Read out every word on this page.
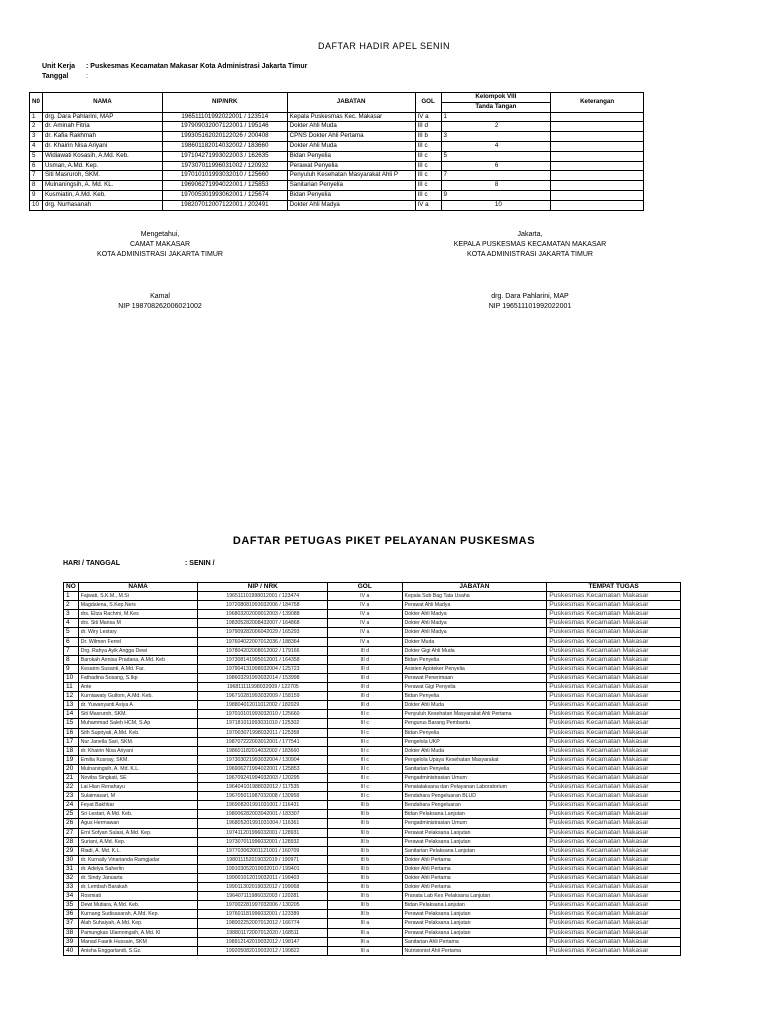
DAFTAR HADIR APEL SENIN
Unit Kerja : Puskesmas Kecamatan Makasar Kota Administrasi Jakarta Timur
Tanggal	:
N0	NAMA	NIP/NRK	JABATAN	GOL	Kelompok VIII		Keterangan
					Tanda Tangan		
1	drg. Dara Pahlarini, MAP	196511101992022001 / 123514	Kepala Puskesmas Kec. Makasar	IV a	1		
2	dr. Aminah Fitria	197909032007122001 / 195146	Dokter Ahli Muda	III d		2	
3	dr. Kafia Rakhmah	199305162020122026 / 200408	CPNS Dokter Ahli Pertama	III b	3		
4	dr. Khairin Nisa Ariyani	198601182014032002 / 183660	Dokter Ahli Muda	III c		4	
5	Widiawati Kosasih, A.Md. Keb.	197104271993022003 / 162635	Bidan Penyelia	III c	5		
6	Usman, A.Md. Kep.	197307011996031002 / 120932	Perawat Penyelia	III c		6	
7	Siti Masruroh, SKM.	197010101993032010 / 125660	Penyuluh Kesehatan Masyarakat Ahli P	III c	7		
8	Mulnaningsih, A. Md. KL.	196906271994022001 / 125853	Sanitarian Penyelia	III c		8	
9	Kusmiatin, A.Md. Keb.	197005301993062001 / 125674	Bidan Penyelia	III c	9		
10	drg. Nurhasanah	198207012007122001 / 202491	Dokter Ahli Madya	IV a		10	
Mengetahui,
CAMAT MAKASAR
KOTA ADMINISTRASI JAKARTA TIMUR
Kamal
NIP 198708262006021002
Jakarta,
KEPALA PUSKESMAS KECAMATAN MAKASAR
KOTA ADMINISTRASI JAKARTA TIMUR
drg. Dara Pahlarini, MAP
NIP 196511101992022001
DAFTAR PETUGAS PIKET PELAYANAN PUSKESMAS
HARI / TANGGAL	: SENIN /
NO	NAMA	NIP / NRK	GOL	JABATAN	TEMPAT TUGAS
1	Fajwati, S.K.M., M.Si	196511101998012001 / 123474	IV a	Kepala Sub Bag Tata Usaha	Puskesmas Kecamatan Makasar
2	Magdalena, S.Kep.Ners	197208081993032006 / 184758	IV a	Perawat Ahli Madya	Puskesmas Kecamatan Makasar
3	drs. Eliza Rachmi, M.Kes	196803202009012003 / 139088	IV a	Dokter Ahli Madya	Puskesmas Kecamatan Makasar
4	drs. Siti Marisa M	198305282008432007 / 164868	IV a	Dokter Ahli Madya	Puskesmas Kecamatan Makasar
5	dr. Wiry Lestary	197909282006042029 / 165293	IV a	Dokter Ahli Madya	Puskesmas Kecamatan Makasar
6	Dr. Wilmen Ferrel	197604022007012036 / 188364	IV a	Dokter Muda	Puskesmas Kecamatan Makasar
7	Drg. Rahya Ayik Angga Dewi	197804202008012002 / 179166	III d	Dokter Gigi Ahli Muda	Puskesmas Kecamatan Makasar
8	Barokah Annisa Pradana, A.Md. Keb	197308141995012001 / 164358	III d	Bidan Penyelia	Puskesmas Kecamatan Makasar
9	Kesarini Susanti, A.Md. Far.	197904131998032004 / 125723	III d	Asisten Apoteker Penyelia	Puskesmas Kecamatan Makasar
10	Fathadina Sosang, S.Ikp	198603291993032014 / 153998	III d	Perawat Penerimaan	Puskesmas Kecamatan Makasar
11	Ante	196811111998032009 / 122705	III d	Perawat Gigi Penyelia	Puskesmas Kecamatan Makasar
12	Kurniawaty Gultom, A.Md. Keb.	196710281993032009 / 158159	III d	Bidan Penyelia	Puskesmas Kecamatan Makasar
13	dr. Yuwanyanti Asiya A	198804012011012002 / 182029	III d	Dokter Ahli Muda	Puskesmas Kecamatan Makasar
14	Siti Masruroh, SKM.	197010101993032010 / 125660	III c	Penyuluh Kesehatan Masyarakat Ahli Pertama	Puskesmas Kecamatan Makasar
15	Muhammad Saleh HCM, S.Ap	197181011993031010 / 125302	III c	Pengurus Barang Pembantu	Puskesmas Kecamatan Makasar
16	Sith Supriyati, A.Md. Keb.	197003071998032011 / 125358	III c	Bidan Penyelia	Puskesmas Kecamatan Makasar
17	Nur Janella Sari, SKM.	198707222003012001 / 177541	III c	Pengelola UKP	Puskesmas Kecamatan Makasar
18	dr. Khairin Nisa Ariyani	198601182014032002 / 183660	III c	Dokter Ahli Muda	Puskesmas Kecamatan Makasar
19	Emilia Kusnay, SKM.	197303021993032004 / 130904	III c	Pengelola Upaya Kesehatan Masyarakat	Puskesmas Kecamatan Makasar
20	Mulnaningsih, A. Md. K.L.	196906271994022001 / 125853	III c	Sanitarian Penyelia	Puskesmas Kecamatan Makasar
21	Noviba Singkati, SE	196709241994032003 / 120295	III c	Pengadministrasian Umum	Puskesmas Kecamatan Makasar
22	Lai Hian Renahayu	196404101988032012 / 117535	III c	Penatalaksana dan Pelayanan Laboratorium	Puskesmas Kecamatan Makasar
23	Sulaimasari, M	196705011987032008 / 130958	III c	Bendahara Pengeluaran BLUD	Puskesmas Kecamatan Makasar
24	Feyat Bakhtiar	196908201991031001 / 116431	III b	Bendahara Pengeluaran	Puskesmas Kecamatan Makasar
25	Sri Lestari, A.Md. Keb.	198006282003042001 / 183307	III b	Bidan Pelaksana Lanjutan	Puskesmas Kecamatan Makasar
26	Agus Hermawan	196805201991031004 / 116361	III b	Pengadministrasian Umum	Puskesmas Kecamatan Makasar
27	Erni Sofyan Sulasi, A.Md. Kep.	197411201996032001 / 128931	III b	Perawat Pelaksana Lanjutan	Puskesmas Kecamatan Makasar
28	Suriani, A.Md. Kep.	197307011996032001 / 128932	III b	Perawat Pelaksana Lanjutan	Puskesmas Kecamatan Makasar
29	Riadi, A. Md. K.L.	197703062001121001 / 160709	III b	Sanitarian Pelaksana Lanjutan	Puskesmas Kecamatan Makasar
30	dr. Kurnaily Vinarianda Ramgjadar	198011152019032019 / 190971	III b	Dokter Ahli Pertama	Puskesmas Kecamatan Makasar
31	dr. Adelya Saherlin	199103052019032010 / 199401	III b	Dokter Ahli Pertama	Puskesmas Kecamatan Makasar
32	dr. Sindy Januarta	199001012019032011 / 199403	III b	Dokter Ahli Pertama	Puskesmas Kecamatan Makasar
33	dr. Lembah Barakah	199011302019032012 / 199068	III b	Dokter Ahli Pertama	Puskesmas Kecamatan Makasar
34	Rosmiati	196407111986032003 / 120281	III b	Pranata Lab Kes Pelaksana Lanjutan	Puskesmas Kecamatan Makasar
35	Dewi Mutiara, A.Md. Keb.	197002281997032006 / 130205	III b	Bidan Pelaksana Lanjutan	Puskesmas Kecamatan Makasar
36	Kurnang Sudisasarah, A.Md. Kep.	197601181996032001 / 123389	III b	Perawat Pelaksana Lanjutan	Puskesmas Kecamatan Makasar
37	Alah Suhaiyah, A.Md. Kep.	198002252007012012 / 166774	III a	Perawat Pelaksana Lanjutan	Puskesmas Kecamatan Makasar
38	Pamungkas Ulamningsih, A.Md. Kl	198801172007012020 / 168511	III a	Perawat Pelaksana Lanjutan	Puskesmas Kecamatan Makasar
39	Manad Faarik Hussain, SKM	198912142019032012 / 198147	III a	Sanitarian Ahli Pertama	Puskesmas Kecamatan Makasar
40	Anisha Enggarlandi, S.Gz.	199205082019032012 / 199822	III a	Nutrisionist Ahli Pertama	Puskesmas Kecamatan Makasar
